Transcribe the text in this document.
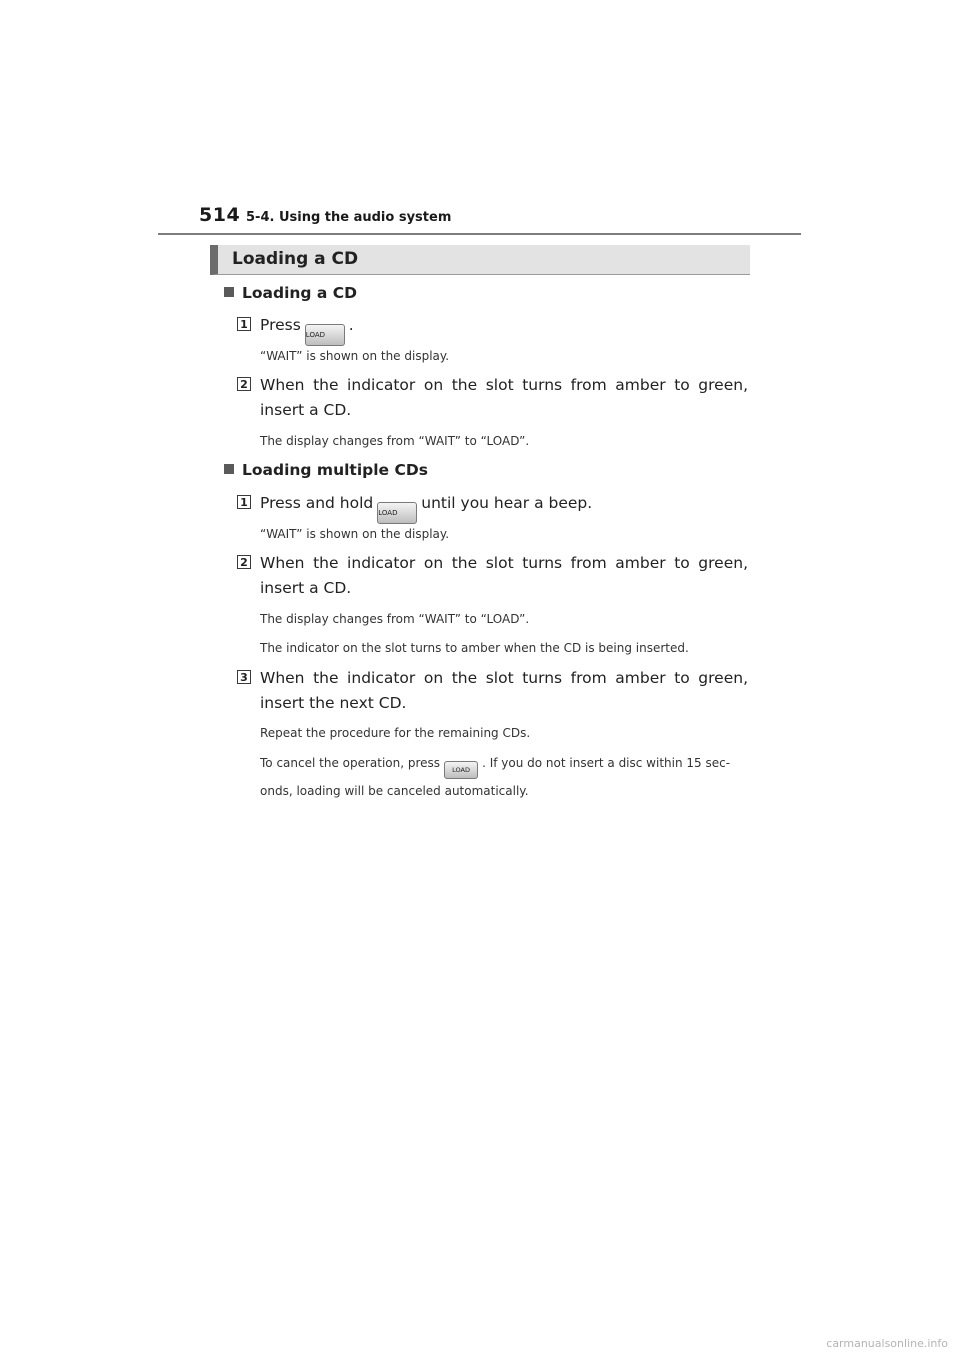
514 5-4. Using the audio system
Loading a CD
Loading a CD
1 PressLOAD.
“WAIT” is shown on the display.
2 When the indicator on the slot turns from amber to green, insert a CD.
The display changes from “WAIT” to “LOAD”.
Loading multiple CDs
1 Press and holdLOADuntil you hear a beep.
“WAIT” is shown on the display.
2 When the indicator on the slot turns from amber to green, insert a CD.
The display changes from “WAIT” to “LOAD”.
The indicator on the slot turns to amber when the CD is being inserted.
3 When the indicator on the slot turns from amber to green, insert the next CD.
Repeat the procedure for the remaining CDs.
To cancel the operation, press LOAD . If you do not insert a disc within 15 sec-onds, loading will be canceled automatically.
carmanualsonline.info
